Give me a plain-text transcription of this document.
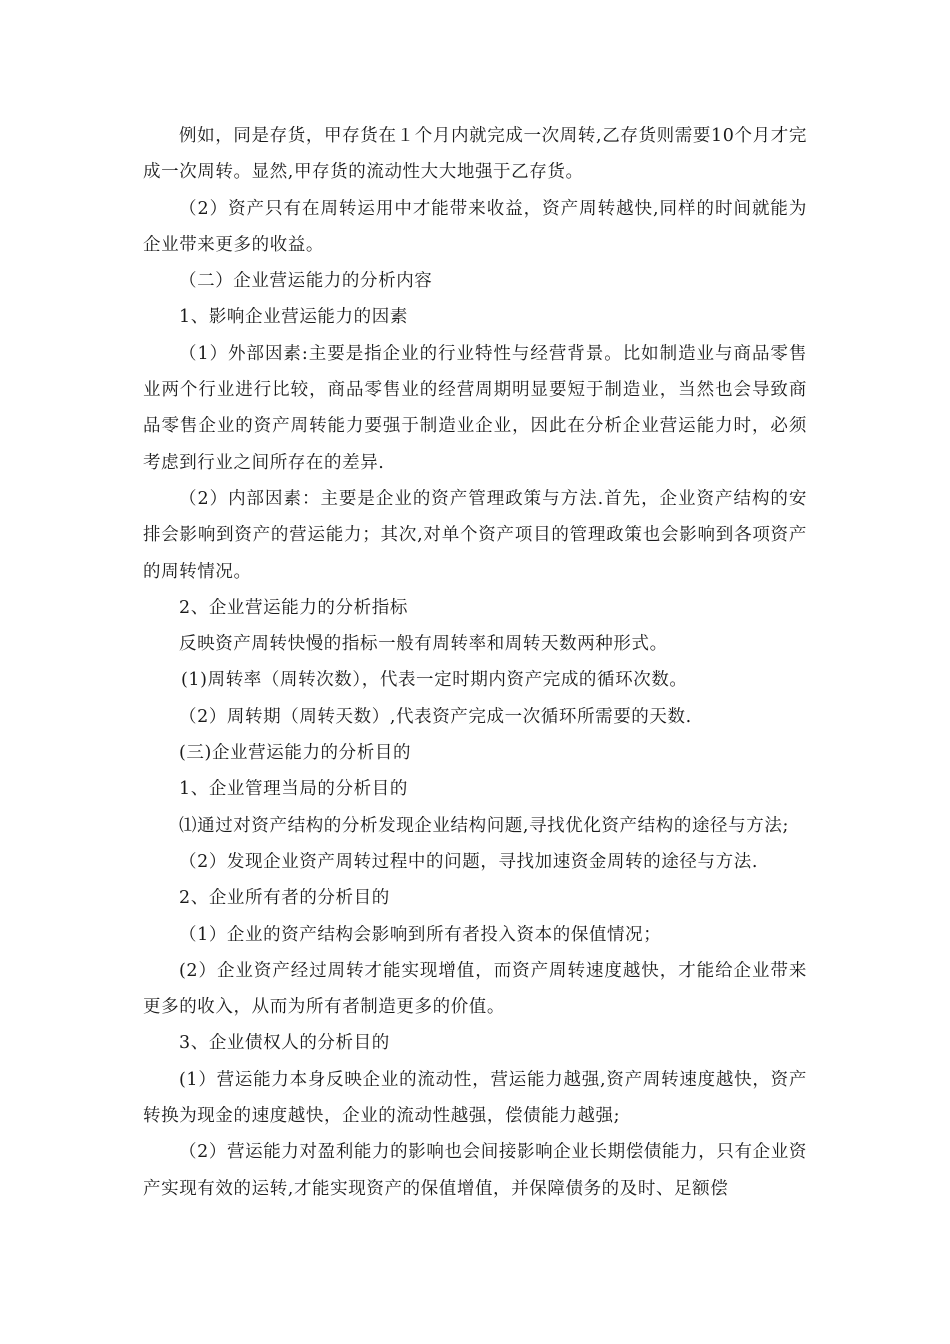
例如，同是存货，甲存货在１个月内就完成一次周转,乙存货则需要10个月才完成一次周转。显然,甲存货的流动性大大地强于乙存货。

（2）资产只有在周转运用中才能带来收益，资产周转越快,同样的时间就能为企业带来更多的收益。

（二）企业营运能力的分析内容

1、影响企业营运能力的因素

（1）外部因素:主要是指企业的行业特性与经营背景。比如制造业与商品零售业两个行业进行比较，商品零售业的经营周期明显要短于制造业，当然也会导致商品零售企业的资产周转能力要强于制造业企业，因此在分析企业营运能力时，必须考虑到行业之间所存在的差异.

（2）内部因素：主要是企业的资产管理政策与方法.首先，企业资产结构的安排会影响到资产的营运能力；其次,对单个资产项目的管理政策也会影响到各项资产的周转情况。

2、企业营运能力的分析指标

反映资产周转快慢的指标一般有周转率和周转天数两种形式。

(1)周转率（周转次数），代表一定时期内资产完成的循环次数。

（2）周转期（周转天数）,代表资产完成一次循环所需要的天数.

(三)企业营运能力的分析目的

1、企业管理当局的分析目的

⑴通过对资产结构的分析发现企业结构问题,寻找优化资产结构的途径与方法;

（2）发现企业资产周转过程中的问题，寻找加速资金周转的途径与方法.

2、企业所有者的分析目的

（1）企业的资产结构会影响到所有者投入资本的保值情况；

(2）企业资产经过周转才能实现增值，而资产周转速度越快，才能给企业带来更多的收入，从而为所有者制造更多的价值。

3、企业债权人的分析目的

(1）营运能力本身反映企业的流动性，营运能力越强,资产周转速度越快，资产转换为现金的速度越快，企业的流动性越强，偿债能力越强;

（2）营运能力对盈利能力的影响也会间接影响企业长期偿债能力，只有企业资产实现有效的运转,才能实现资产的保值增值，并保障债务的及时、足额偿
